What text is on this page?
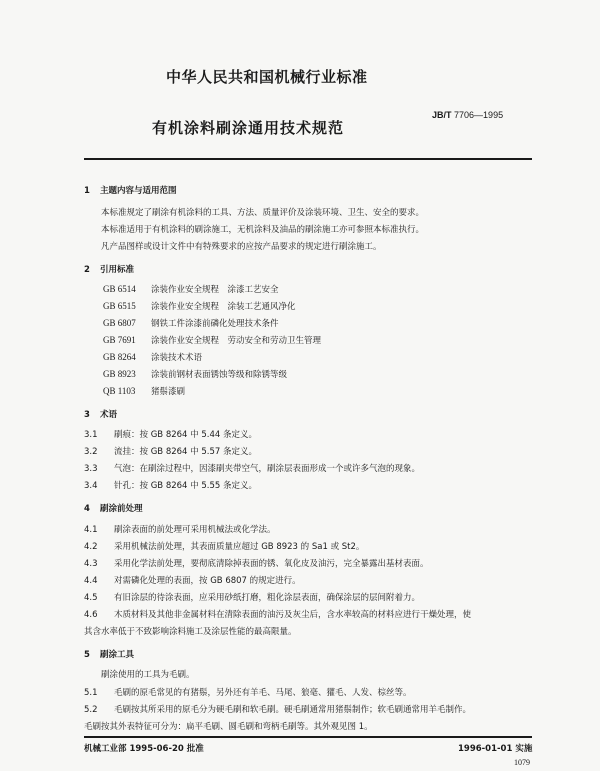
中华人民共和国机械行业标准
有机涂料刷涂通用技术规范
JB/T 7706—1995
1 主题内容与适用范围
本标准规定了刷涂有机涂料的工具、方法、质量评价及涂装环境、卫生、安全的要求。
本标准适用于有机涂料的刷涂施工，无机涂料及油品的刷涂施工亦可参照本标准执行。
凡产品图样或设计文件中有特殊要求的应按产品要求的规定进行刷涂施工。
2 引用标准
GB 6514 涂装作业安全规程　涂漆工艺安全
GB 6515 涂装作业安全规程　涂装工艺通风净化
GB 6807 钢铁工件涂漆前磷化处理技术条件
GB 7691 涂装作业安全规程　劳动安全和劳动卫生管理
GB 8264 涂装技术术语
GB 8923 涂装前钢材表面锈蚀等级和除锈等级
QB 1103 猪鬃漆刷
3 术语
3.1 刷痕：按 GB 8264 中 5.44 条定义。
3.2 流挂：按 GB 8264 中 5.57 条定义。
3.3 气泡：在刷涂过程中，因漆刷夹带空气，刷涂层表面形成一个或许多气泡的现象。
3.4 针孔：按 GB 8264 中 5.55 条定义。
4 刷涂前处理
4.1 刷涂表面的前处理可采用机械法或化学法。
4.2 采用机械法前处理，其表面质量应超过 GB 8923 的 Sa1 或 St2。
4.3 采用化学法前处理，要彻底清除掉表面的锈、氧化皮及油污，完全暴露出基材表面。
4.4 对需磷化处理的表面，按 GB 6807 的规定进行。
4.5 有旧涂层的待涂表面，应采用砂纸打磨，粗化涂层表面，确保涂层的层间附着力。
4.6 木质材料及其他非金属材料在清除表面的油污及灰尘后，含水率较高的材料应进行干燥处理，使
其含水率低于不致影响涂料施工及涂层性能的最高限量。
5 刷涂工具
刷涂使用的工具为毛刷。
5.1 毛刷的原毛常见的有猪鬃，另外还有羊毛、马尾、狼毫、獾毛、人发、棕丝等。
5.2 毛刷按其所采用的原毛分为硬毛刷和软毛刷。硬毛刷通常用猪鬃制作；软毛刷通常用羊毛制作。
毛刷按其外表特征可分为：扁平毛刷、圆毛刷和弯柄毛刷等。其外观见图 1。
机械工业部 1995-06-20 批准	1996-01-01 实施
1079
